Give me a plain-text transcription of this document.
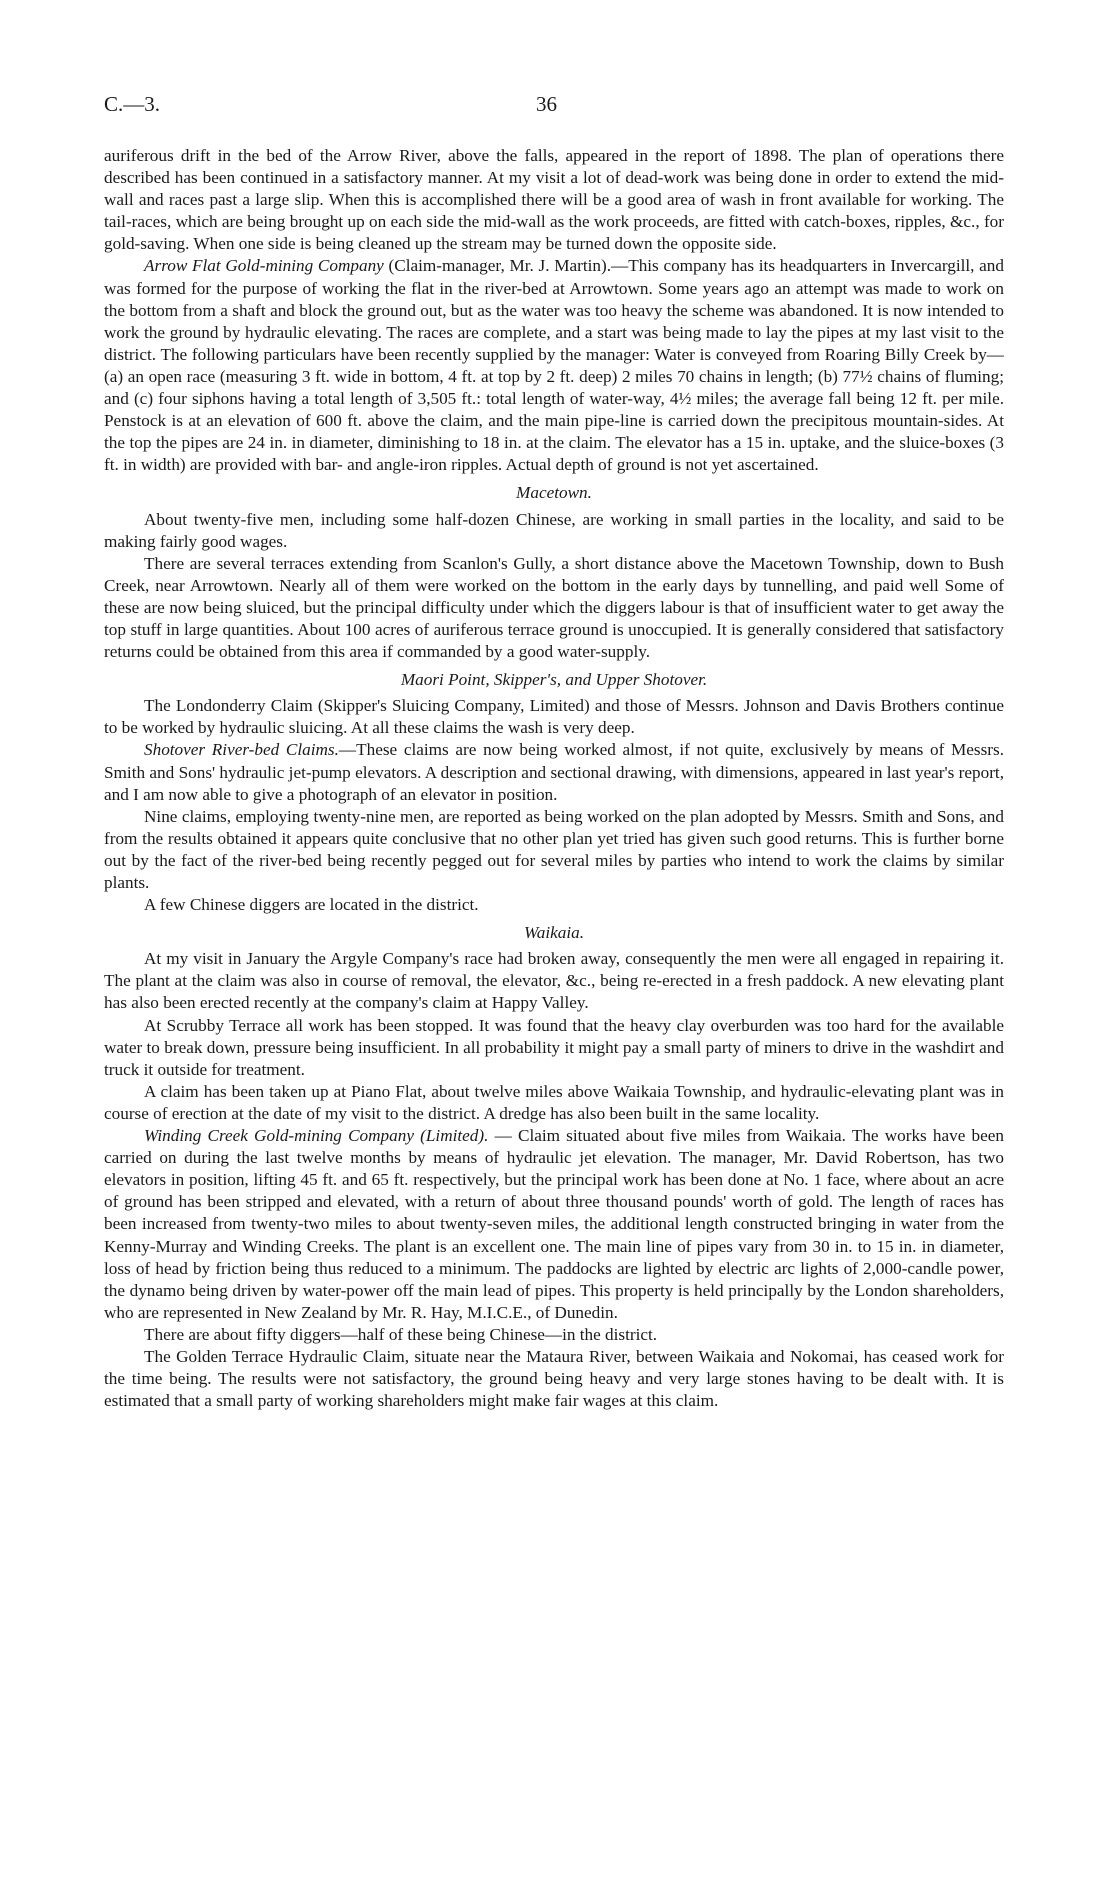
C.—3.	36

auriferous drift in the bed of the Arrow River, above the falls, appeared in the report of 1898. The plan of operations there described has been continued in a satisfactory manner. At my visit a lot of dead-work was being done in order to extend the mid-wall and races past a large slip. When this is accomplished there will be a good area of wash in front available for working. The tail-races, which are being brought up on each side the mid-wall as the work proceeds, are fitted with catch-boxes, ripples, &c., for gold-saving. When one side is being cleaned up the stream may be turned down the opposite side.

Arrow Flat Gold-mining Company (Claim-manager, Mr. J. Martin).—This company has its headquarters in Invercargill, and was formed for the purpose of working the flat in the river-bed at Arrowtown. Some years ago an attempt was made to work on the bottom from a shaft and block the ground out, but as the water was too heavy the scheme was abandoned. It is now intended to work the ground by hydraulic elevating. The races are complete, and a start was being made to lay the pipes at my last visit to the district. The following particulars have been recently supplied by the manager: Water is conveyed from Roaring Billy Creek by—(a) an open race (measuring 3 ft. wide in bottom, 4 ft. at top by 2 ft. deep) 2 miles 70 chains in length; (b) 77½ chains of fluming; and (c) four siphons having a total length of 3,505 ft.: total length of water-way, 4½ miles; the average fall being 12 ft. per mile. Penstock is at an elevation of 600 ft. above the claim, and the main pipe-line is carried down the precipitous mountain-sides. At the top the pipes are 24 in. in diameter, diminishing to 18 in. at the claim. The elevator has a 15 in. uptake, and the sluice-boxes (3 ft. in width) are provided with bar- and angle-iron ripples. Actual depth of ground is not yet ascertained.

Macetown.

About twenty-five men, including some half-dozen Chinese, are working in small parties in the locality, and said to be making fairly good wages.

There are several terraces extending from Scanlon's Gully, a short distance above the Macetown Township, down to Bush Creek, near Arrowtown. Nearly all of them were worked on the bottom in the early days by tunnelling, and paid well Some of these are now being sluiced, but the principal difficulty under which the diggers labour is that of insufficient water to get away the top stuff in large quantities. About 100 acres of auriferous terrace ground is unoccupied. It is generally considered that satisfactory returns could be obtained from this area if commanded by a good water-supply.

Maori Point, Skipper's, and Upper Shotover.

The Londonderry Claim (Skipper's Sluicing Company, Limited) and those of Messrs. Johnson and Davis Brothers continue to be worked by hydraulic sluicing. At all these claims the wash is very deep.

Shotover River-bed Claims.—These claims are now being worked almost, if not quite, exclusively by means of Messrs. Smith and Sons' hydraulic jet-pump elevators. A description and sectional drawing, with dimensions, appeared in last year's report, and I am now able to give a photograph of an elevator in position.

Nine claims, employing twenty-nine men, are reported as being worked on the plan adopted by Messrs. Smith and Sons, and from the results obtained it appears quite conclusive that no other plan yet tried has given such good returns. This is further borne out by the fact of the river-bed being recently pegged out for several miles by parties who intend to work the claims by similar plants.

A few Chinese diggers are located in the district.

Waikaia.

At my visit in January the Argyle Company's race had broken away, consequently the men were all engaged in repairing it. The plant at the claim was also in course of removal, the elevator, &c., being re-erected in a fresh paddock. A new elevating plant has also been erected recently at the company's claim at Happy Valley.

At Scrubby Terrace all work has been stopped. It was found that the heavy clay overburden was too hard for the available water to break down, pressure being insufficient. In all probability it might pay a small party of miners to drive in the washdirt and truck it outside for treatment.

A claim has been taken up at Piano Flat, about twelve miles above Waikaia Township, and hydraulic-elevating plant was in course of erection at the date of my visit to the district. A dredge has also been built in the same locality.

Winding Creek Gold-mining Company (Limited). — Claim situated about five miles from Waikaia. The works have been carried on during the last twelve months by means of hydraulic jet elevation. The manager, Mr. David Robertson, has two elevators in position, lifting 45 ft. and 65 ft. respectively, but the principal work has been done at No. 1 face, where about an acre of ground has been stripped and elevated, with a return of about three thousand pounds' worth of gold. The length of races has been increased from twenty-two miles to about twenty-seven miles, the additional length constructed bringing in water from the Kenny-Murray and Winding Creeks. The plant is an excellent one. The main line of pipes vary from 30 in. to 15 in. in diameter, loss of head by friction being thus reduced to a minimum. The paddocks are lighted by electric arc lights of 2,000-candle power, the dynamo being driven by water-power off the main lead of pipes. This property is held principally by the London shareholders, who are represented in New Zealand by Mr. R. Hay, M.I.C.E., of Dunedin.

There are about fifty diggers—half of these being Chinese—in the district.

The Golden Terrace Hydraulic Claim, situate near the Mataura River, between Waikaia and Nokomai, has ceased work for the time being. The results were not satisfactory, the ground being heavy and very large stones having to be dealt with. It is estimated that a small party of working shareholders might make fair wages at this claim.
